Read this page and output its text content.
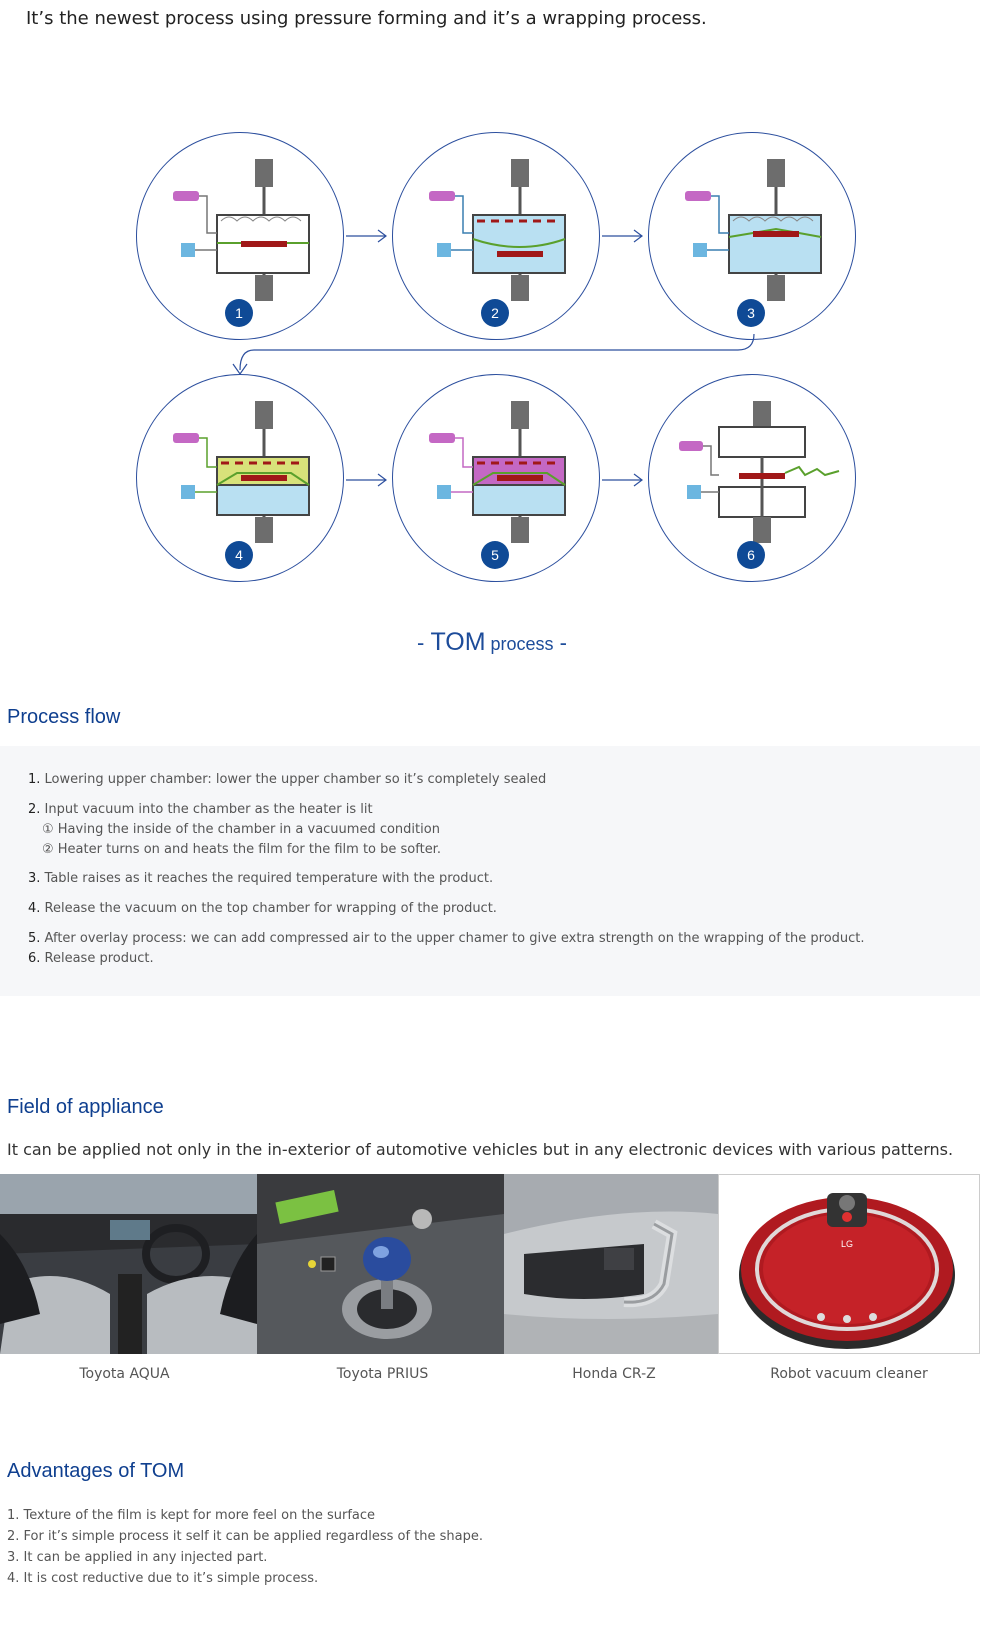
It’s the newest process using pressure forming and it’s a wrapping process.
1	2	3
4	5	6
- TOM process -
Process flow
1. Lowering upper chamber: lower the upper chamber so it’s completely sealed
2. Input vacuum into the chamber as the heater is lit
① Having the inside of the chamber in a vacuumed condition
② Heater turns on and heats the film for the film to be softer.
3. Table raises as it reaches the required temperature with the product.
4. Release the vacuum on the top chamber for wrapping of the product.
5. After overlay process: we can add compressed air to the upper chamer to give extra strength on the wrapping of the product.
6. Release product.
Field of appliance
It can be applied not only in the in-exterior of automotive vehicles but in any electronic devices with various patterns.
LG
Toyota AQUA	Toyota PRIUS	Honda CR-Z	Robot vacuum cleaner
Advantages of TOM
1. Texture of the film is kept for more feel on the surface
2. For it’s simple process it self it can be applied regardless of the shape.
3. It can be applied in any injected part.
4. It is cost reductive due to it’s simple process.
